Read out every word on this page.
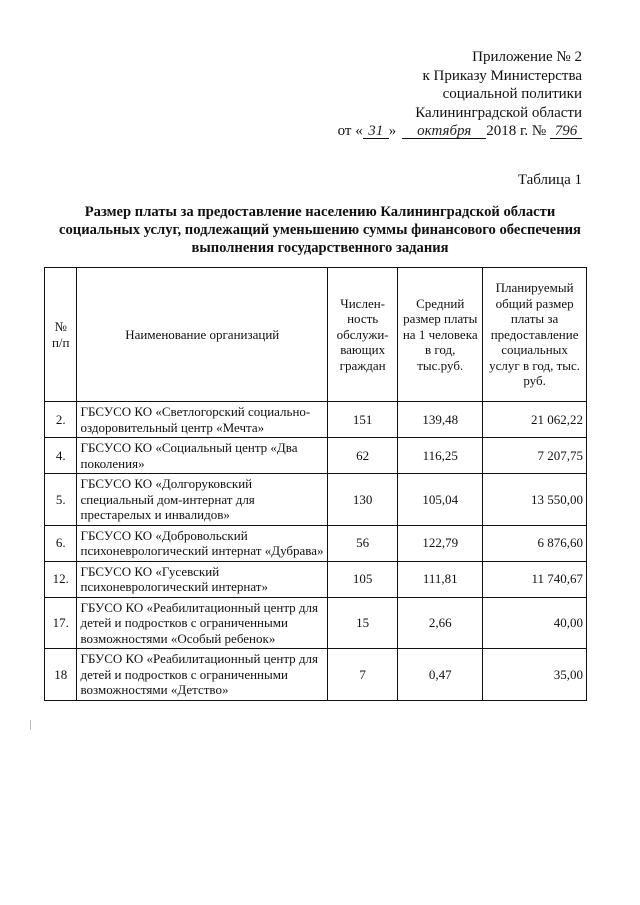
Приложение № 2
к Приказу Министерства
социальной политики
Калининградской области
от « 31 » октября 2018 г. № 796
Таблица 1
Размер платы за предоставление населению Калининградской области социальных услуг, подлежащий уменьшению суммы финансового обеспечения выполнения государственного задания
№ п/п	Наименование организаций	Числен-ность обслужи-вающих граждан	Средний размер платы на 1 человека в год, тыс.руб.	Планируемый общий размер платы за предоставление социальных услуг в год, тыс. руб.
2.	ГБСУСО КО «Светлогорский социально-оздоровительный центр «Мечта»	151	139,48	21 062,22
4.	ГБСУСО КО «Социальный центр «Два поколения»	62	116,25	7 207,75
5.	ГБСУСО КО «Долгоруковский специальный дом-интернат для престарелых и инвалидов»	130	105,04	13 550,00
6.	ГБСУСО КО «Добровольский психоневрологический интернат «Дубрава»	56	122,79	6 876,60
12.	ГБСУСО КО «Гусевский психоневрологический интернат»	105	111,81	11 740,67
17.	ГБУСО КО «Реабилитационный центр для детей и подростков с ограниченными возможностями «Особый ребенок»	15	2,66	40,00
18	ГБУСО КО «Реабилитационный центр для детей и подростков с ограниченными возможностями «Детство»	7	0,47	35,00
